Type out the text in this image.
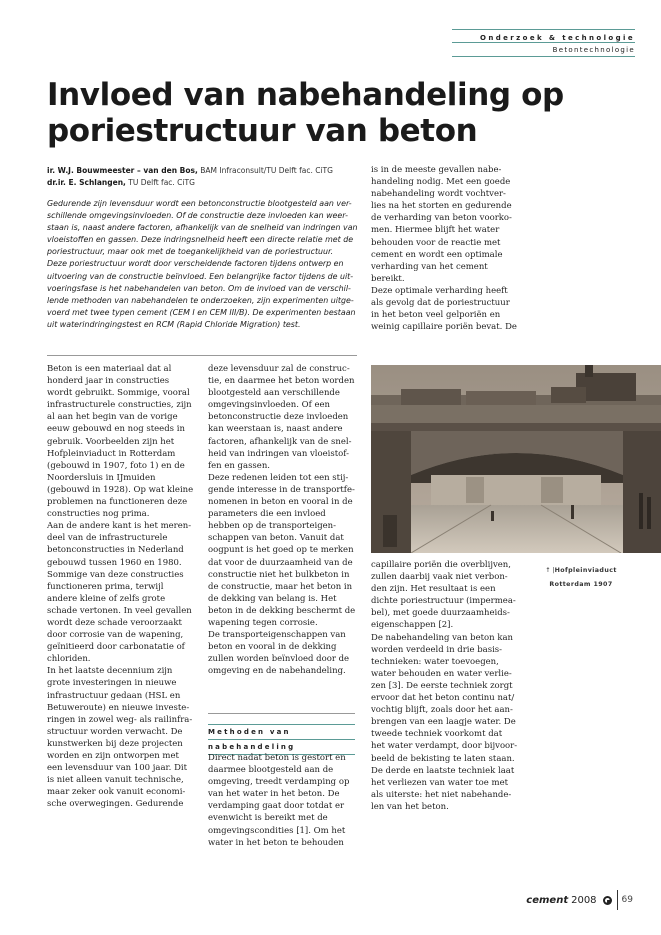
Onderzoek & technologie
Betontechnologie
Invloed van nabehandeling op
poriestructuur van beton
ir. W.J. Bouwmeester – van den Bos, BAM Infraconsult/TU Delft fac. CiTG
dr.ir. E. Schlangen, TU Delft fac. CiTG
Gedurende zijn levensduur wordt een betonconstructie blootgesteld aan ver-
schillende omgevingsinvloeden. Of de constructie deze invloeden kan weer-
staan is, naast andere factoren, afhankelijk van de snelheid van indringen van
vloeistoffen en gassen. Deze indringsnelheid heeft een directe relatie met de
poriestructuur, maar ook met de toegankelijkheid van de poriestructuur.
Deze poriestructuur wordt door verscheidende factoren tijdens ontwerp en
uitvoering van de constructie beïnvloed. Een belangrijke factor tijdens de uit-
voeringsfase is het nabehandelen van beton. Om de invloed van de verschil-
lende methoden van nabehandelen te onderzoeken, zijn experimenten uitge-
voerd met twee typen cement (CEM I en CEM III/B). De experimenten bestaan
uit waterindringingstest en RCM (Rapid Chloride Migration) test.

Beton is een materiaal dat al

honderd jaar in constructies

wordt gebruikt. Sommige, vooral

infrastructurele constructies, zijn

al aan het begin van de vorige

eeuw gebouwd en nog steeds in

gebruik. Voorbeelden zijn het

Hofpleinviaduct in Rotterdam

(gebouwd in 1907, foto 1) en de

Noordersluis in IJmuiden

(gebouwd in 1928). Op wat kleine

problemen na functioneren deze

constructies nog prima.

Aan de andere kant is het meren-

deel van de infrastructurele

betonconstructies in Nederland

gebouwd tussen 1960 en 1980.

Sommige van deze constructies

functioneren prima, terwijl

andere kleine of zelfs grote

schade vertonen. In veel gevallen

wordt deze schade veroorzaakt

door corrosie van de wapening,

geïnitieerd door carbonatatie of

chloriden.

In het laatste decennium zijn

grote investeringen in nieuwe

infrastructuur gedaan (HSL en

Betuweroute) en nieuwe investe-

ringen in zowel weg- als railinfra-

structuur worden verwacht. De

kunstwerken bij deze projecten

worden en zijn ontworpen met

een levensduur van 100 jaar. Dit

is niet alleen vanuit technische,

maar zeker ook vanuit economi-

sche overwegingen. Gedurende

deze levensduur zal de construc-

tie, en daarmee het beton worden

blootgesteld aan verschillende

omgevingsinvloeden. Of een

betonconstructie deze invloeden

kan weerstaan is, naast andere

factoren, afhankelijk van de snel-

heid van indringen van vloeistof-

fen en gassen.

Deze redenen leiden tot een stij-

gende interesse in de transportfe-

nomenen in beton en vooral in de

parameters die een invloed

hebben op de transporteigen-

schappen van beton. Vanuit dat

oogpunt is het goed op te merken

dat voor de duurzaamheid van de

constructie niet het bulkbeton in

de constructie, maar het beton in

de dekking van belang is. Het

beton in de dekking beschermt de

wapening tegen corrosie.

De transporteigenschappen van

beton en vooral in de dekking

zullen worden beïnvloed door de

omgeving en de nabehandeling.

Methoden van
nabehandeling

Direct nadat beton is gestort en

daarmee blootgesteld aan de

omgeving, treedt verdamping op

van het water in het beton. De

verdamping gaat door totdat er

evenwicht is bereikt met de

omgevingscondities [1]. Om het

water in het beton te behouden

is in de meeste gevallen nabe-

handeling nodig. Met een goede

nabehandeling wordt vochtver-

lies na het storten en gedurende

de verharding van beton voorko-

men. Hiermee blijft het water

behouden voor de reactie met

cement en wordt een optimale

verharding van het cement

bereikt.

Deze optimale verharding heeft

als gevolg dat de poriestructuur

in het beton veel gelporiën en

weinig capillaire poriën bevat. De

↑ |Hofpleinviaduct
Rotterdam 1907

capillaire poriën die overblijven,

zullen daarbij vaak niet verbon-

den zijn. Het resultaat is een

dichte poriestructuur (impermea-

bel), met goede duurzaamheids-

eigenschappen [2].

De nabehandeling van beton kan

worden verdeeld in drie basis-

technieken: water toevoegen,

water behouden en water verlie-

zen [3]. De eerste techniek zorgt

ervoor dat het beton continu nat/

vochtig blijft, zoals door het aan-

brengen van een laagje water. De

tweede techniek voorkomt dat

het water verdampt, door bijvoor-

beeld de bekisting te laten staan.

De derde en laatste techniek laat

het verliezen van water toe met

als uiterste: het niet nabehande-

len van het beton.

cement 2008	69
